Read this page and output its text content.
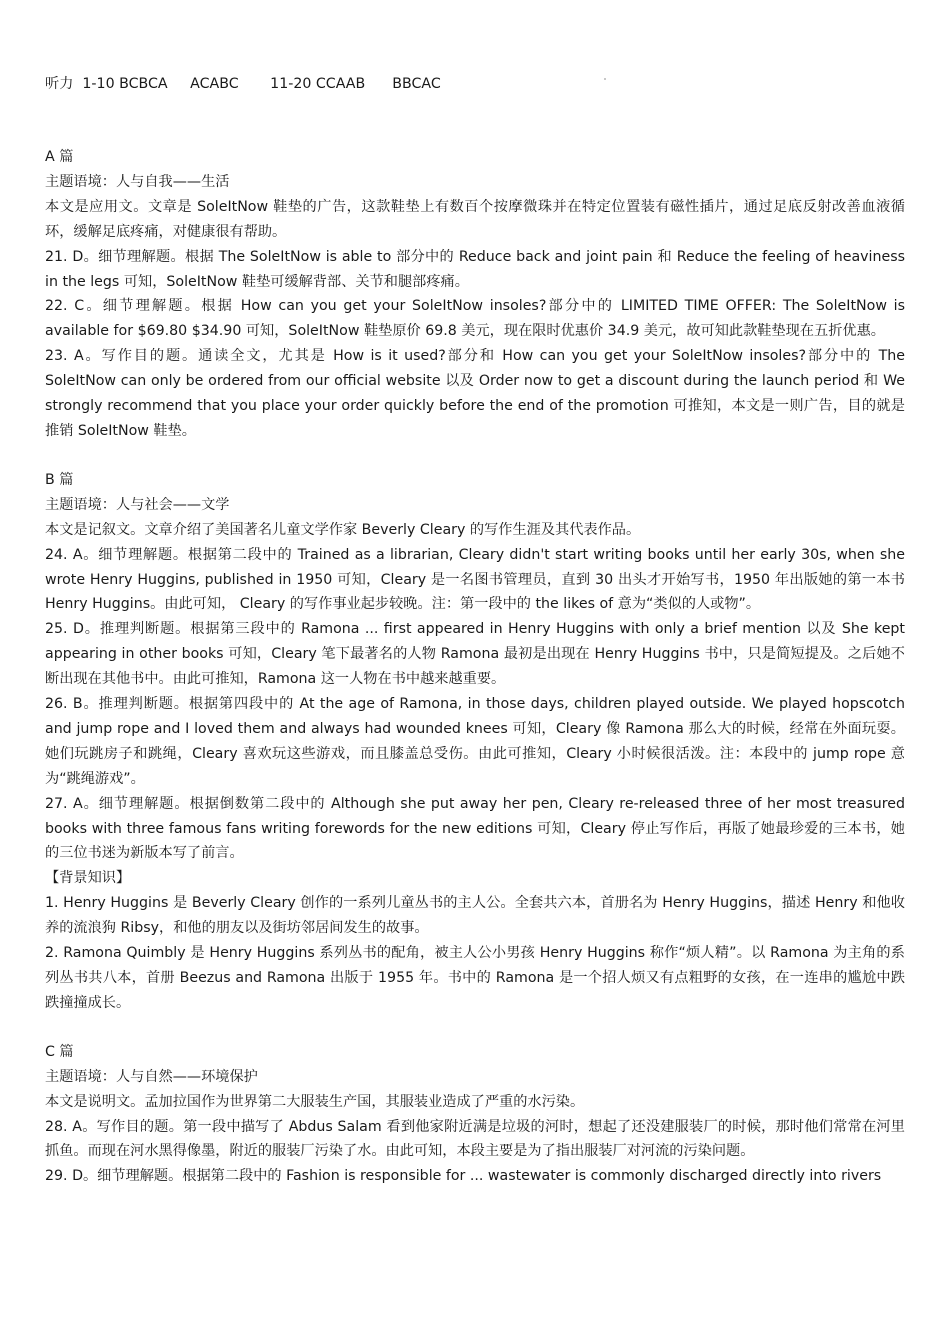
听力  1-10 BCBCA     ACABC       11-20 CCAAB      BBCAC

A 篇

主题语境：人与自我——生活

本文是应用文。文章是 SoleItNow 鞋垫的广告，这款鞋垫上有数百个按摩微珠并在特定位置装有磁性插片，通过足底反射改善血液循环，缓解足底疼痛，对健康很有帮助。

21. D。细节理解题。根据 The SoleItNow is able to 部分中的 Reduce back and joint pain 和 Reduce the feeling of heaviness in the legs 可知，SoleItNow 鞋垫可缓解背部、关节和腿部疼痛。

22. C。细节理解题。根据 How can you get your SoleItNow insoles?部分中的 LIMITED TIME OFFER: The SoleItNow is available for $69.80 $34.90 可知，SoleItNow 鞋垫原价 69.8 美元，现在限时优惠价 34.9 美元，故可知此款鞋垫现在五折优惠。

23. A。写作目的题。通读全文，尤其是 How is it used?部分和 How can you get your SoleItNow insoles?部分中的 The SoleItNow can only be ordered from our official website 以及 Order now to get a discount during the launch period 和 We strongly recommend that you place your order quickly before the end of the promotion 可推知，本文是一则广告，目的就是推销 SoleItNow 鞋垫。

B 篇

主题语境：人与社会——文学

本文是记叙文。文章介绍了美国著名儿童文学作家 Beverly Cleary 的写作生涯及其代表作品。

24. A。细节理解题。根据第二段中的 Trained as a librarian, Cleary didn't start writing books until her early 30s, when she wrote Henry Huggins, published in 1950 可知，Cleary 是一名图书管理员，直到 30 出头才开始写书，1950 年出版她的第一本书 Henry Huggins。由此可知， Cleary 的写作事业起步较晚。注：第一段中的 the likes of 意为“类似的人或物”。

25. D。推理判断题。根据第三段中的 Ramona ... first appeared in Henry Huggins with only a brief mention 以及 She kept appearing in other books 可知，Cleary 笔下最著名的人物 Ramona 最初是出现在 Henry Huggins 书中，只是简短提及。之后她不断出现在其他书中。由此可推知，Ramona 这一人物在书中越来越重要。

26. B。推理判断题。根据第四段中的 At the age of Ramona, in those days, children played outside. We played hopscotch and jump rope and I loved them and always had wounded knees 可知，Cleary 像 Ramona 那么大的时候，经常在外面玩耍。她们玩跳房子和跳绳，Cleary 喜欢玩这些游戏，而且膝盖总受伤。由此可推知，Cleary 小时候很活泼。注：本段中的 jump rope 意为“跳绳游戏”。

27. A。细节理解题。根据倒数第二段中的 Although she put away her pen, Cleary re-released three of her most treasured books with three famous fans writing forewords for the new editions 可知，Cleary 停止写作后，再版了她最珍爱的三本书，她的三位书迷为新版本写了前言。

【背景知识】

1. Henry Huggins 是 Beverly Cleary 创作的一系列儿童丛书的主人公。全套共六本，首册名为 Henry Huggins，描述 Henry 和他收养的流浪狗 Ribsy，和他的朋友以及街坊邻居间发生的故事。

2. Ramona Quimbly 是 Henry Huggins 系列丛书的配角，被主人公小男孩 Henry Huggins 称作“烦人精”。以 Ramona 为主角的系列丛书共八本，首册 Beezus and Ramona 出版于 1955 年。书中的 Ramona 是一个招人烦又有点粗野的女孩，在一连串的尴尬中跌跌撞撞成长。

C 篇

主题语境：人与自然——环境保护

本文是说明文。孟加拉国作为世界第二大服装生产国，其服装业造成了严重的水污染。

28. A。写作目的题。第一段中描写了 Abdus Salam 看到他家附近满是垃圾的河时，想起了还没建服装厂的时候，那时他们常常在河里抓鱼。而现在河水黑得像墨，附近的服装厂污染了水。由此可知，本段主要是为了指出服装厂对河流的污染问题。

29. D。细节理解题。根据第二段中的 Fashion is responsible for ... wastewater is commonly discharged directly into rivers
